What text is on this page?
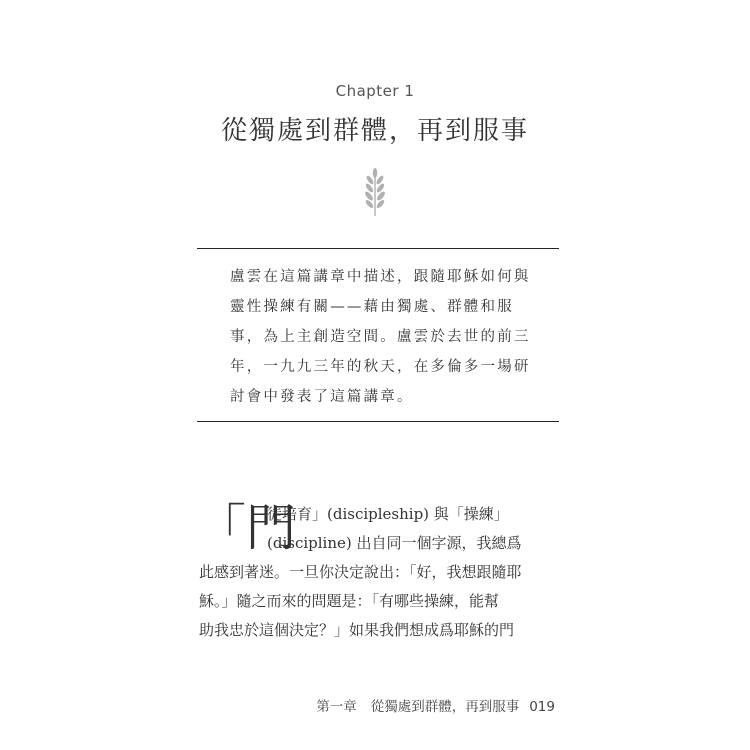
Chapter 1
從獨處到群體，再到服事
盧雲在這篇講章中描述，跟隨耶穌如何與
靈性操練有關——藉由獨處、群體和服
事，為上主創造空間。盧雲於去世的前三
年，一九九三年的秋天，在多倫多一場研
討會中發表了這篇講章。
「門
徒培育」(discipleship) 與「操練」
(discipline) 出自同一個字源，我總爲
此感到著迷。一旦你決定說出：「好，我想跟隨耶
穌。」隨之而來的問題是：「有哪些操練，能幫
助我忠於這個決定？」如果我們想成爲耶穌的門
第一章 從獨處到群體，再到服事 019
